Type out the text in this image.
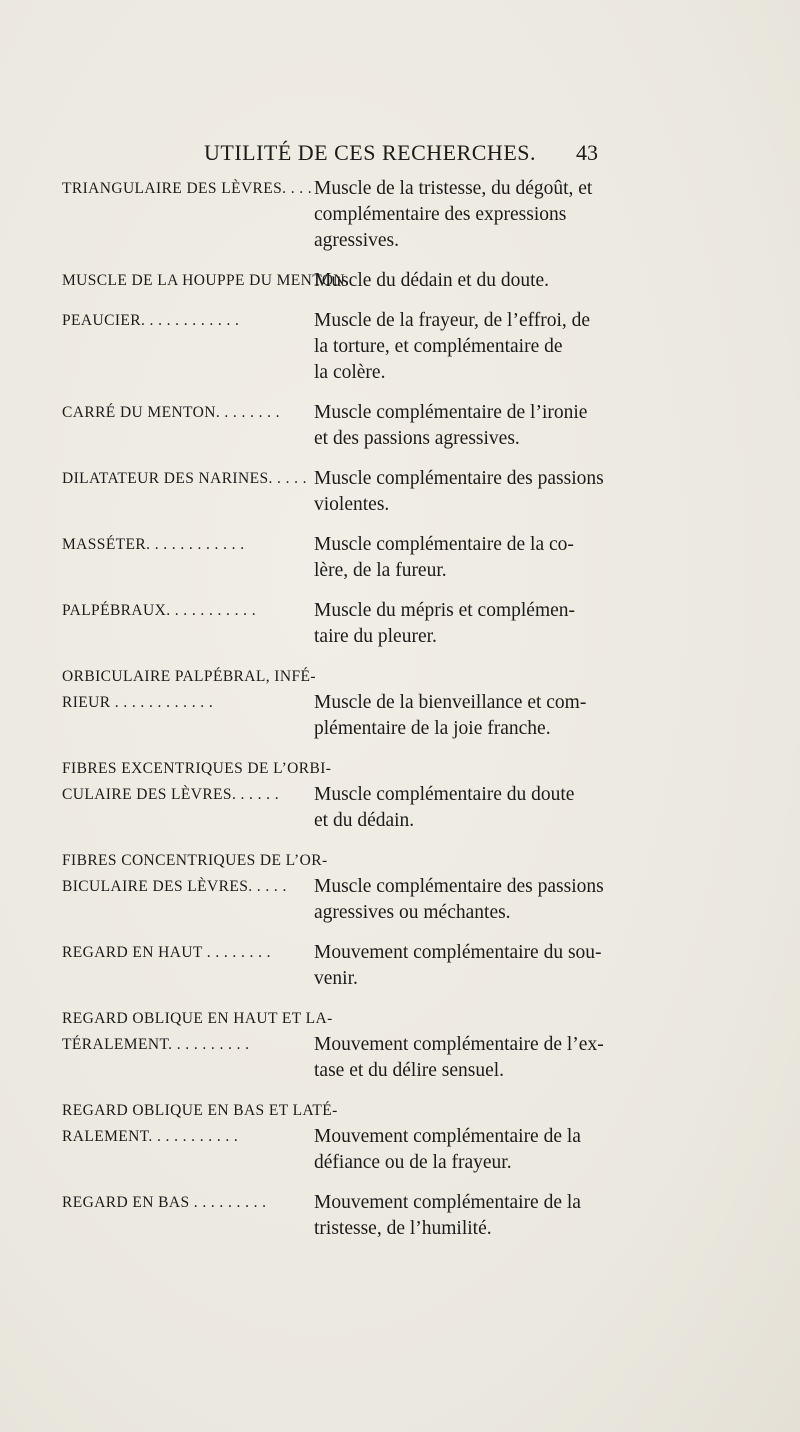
UTILITÉ DE CES RECHERCHES. 43
TRIANGULAIRE DES LÈVRES. . . . Muscle de la tristesse, du dégoût, et
complémentaire des expressions
agressives.
MUSCLE DE LA HOUPPE DU MENTON.
Muscle du dédain et du doute.
PEAUCIER. . . . . . . . . . . .	Muscle de la frayeur, de l’effroi, de
la torture, et complémentaire de
la colère.
CARRÉ DU MENTON. . . . . . . .	Muscle complémentaire de l’ironie
et des passions agressives.
DILATATEUR DES NARINES. . . . . Muscle complémentaire des passions
violentes.
MASSÉTER. . . . . . . . . . . .	Muscle complémentaire de la co-
lère, de la fureur.
PALPÉBRAUX. . . . . . . . . . .	Muscle du mépris et complémen-
taire du pleurer.
ORBICULAIRE PALPÉBRAL, INFÉ-
RIEUR . . . . . . . . . . . .	Muscle de la bienveillance et com-
plémentaire de la joie franche.
FIBRES EXCENTRIQUES DE L’ORBI-
CULAIRE DES LÈVRES. . . . . .	Muscle complémentaire du doute
et du dédain.
FIBRES CONCENTRIQUES DE L’OR-
BICULAIRE DES LÈVRES. . . . .	Muscle complémentaire des passions
agressives ou méchantes.
REGARD EN HAUT . . . . . . . .	Mouvement complémentaire du sou-
venir.
REGARD OBLIQUE EN HAUT ET LA-
TÉRALEMENT. . . . . . . . . .	Mouvement complémentaire de l’ex-
tase et du délire sensuel.
REGARD OBLIQUE EN BAS ET LATÉ-
RALEMENT. . . . . . . . . . .	Mouvement complémentaire de la
défiance ou de la frayeur.
REGARD EN BAS . . . . . . . . .	Mouvement complémentaire de la
tristesse, de l’humilité.
